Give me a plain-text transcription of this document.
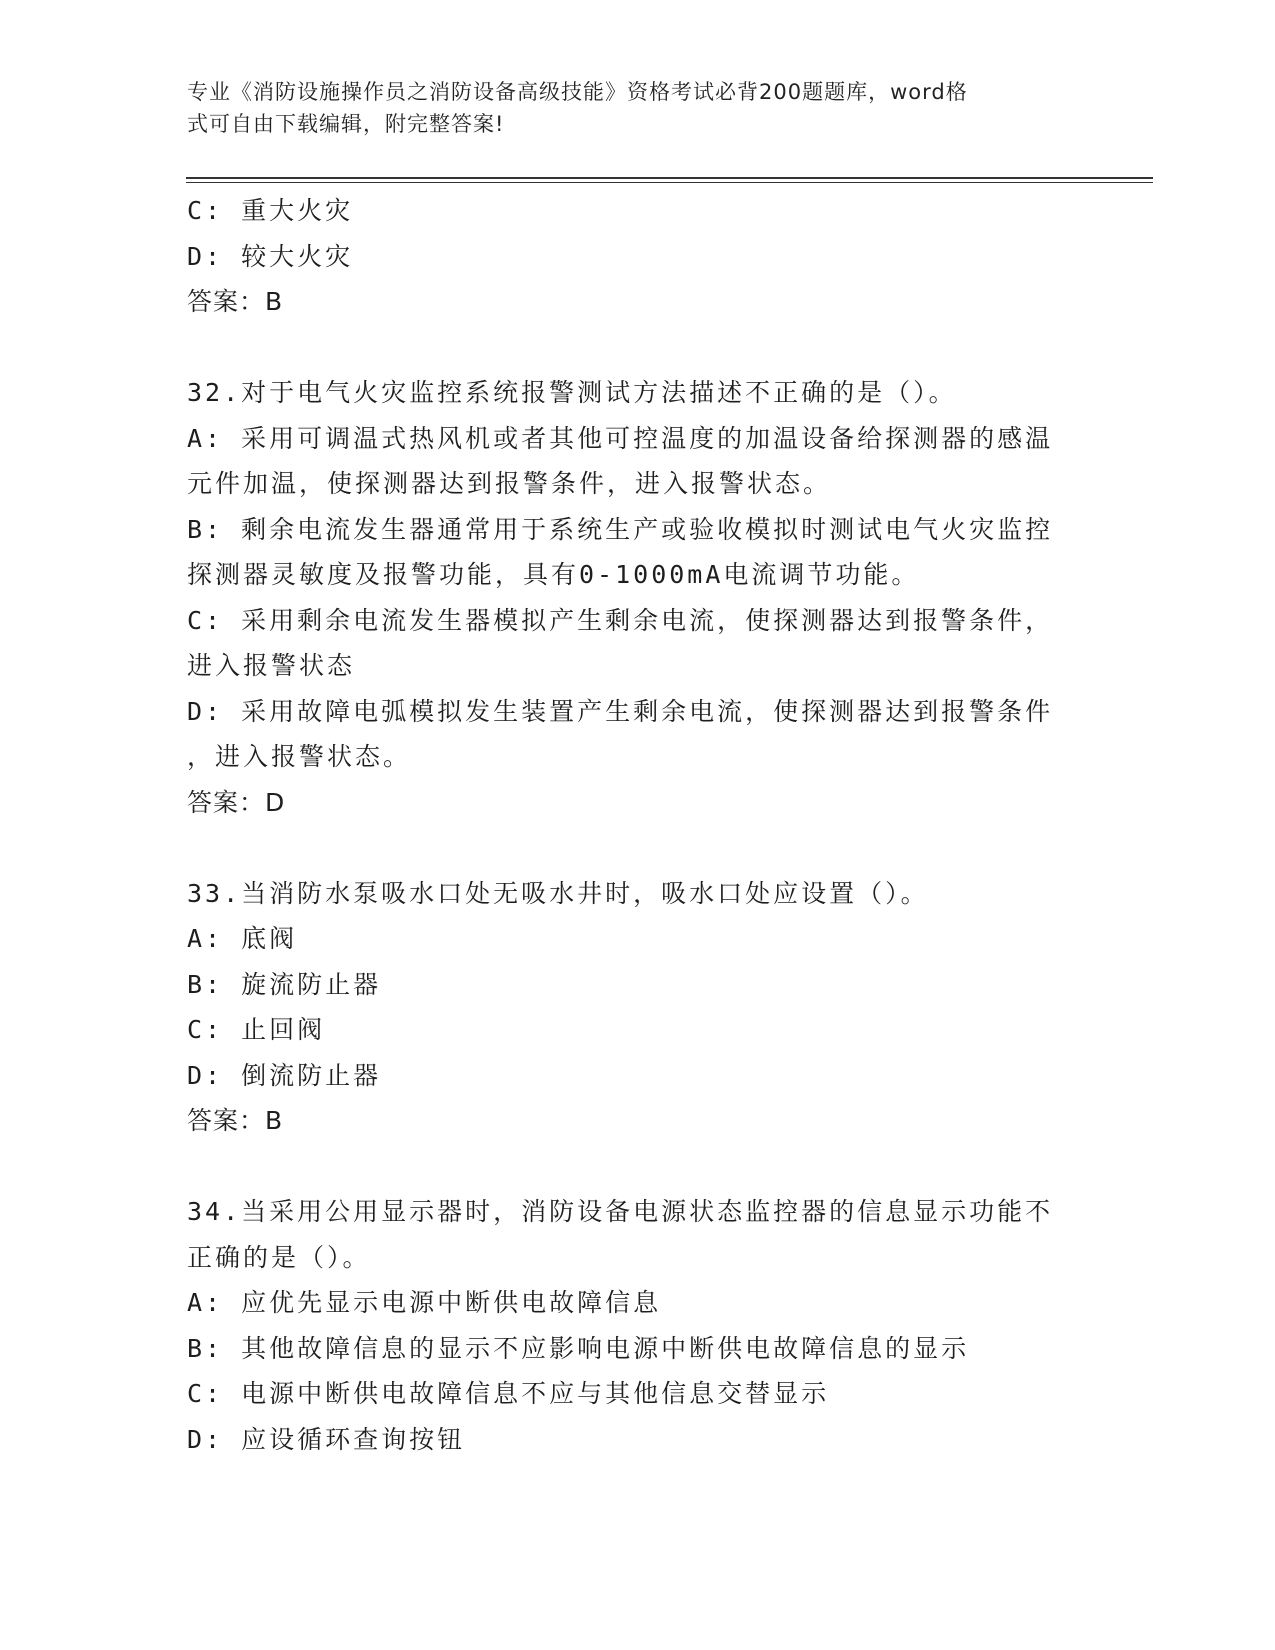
专业《消防设施操作员之消防设备高级技能》资格考试必背200题题库，word格
式可自由下载编辑，附完整答案!
C: 重大火灾
D: 较大火灾
答案：B
32.对于电气火灾监控系统报警测试方法描述不正确的是（）。
A: 采用可调温式热风机或者其他可控温度的加温设备给探测器的感温
元件加温，使探测器达到报警条件，进入报警状态。
B: 剩余电流发生器通常用于系统生产或验收模拟时测试电气火灾监控
探测器灵敏度及报警功能，具有0-1000mA电流调节功能。
C: 采用剩余电流发生器模拟产生剩余电流，使探测器达到报警条件，
进入报警状态
D: 采用故障电弧模拟发生装置产生剩余电流，使探测器达到报警条件
，进入报警状态。
答案：D
33.当消防水泵吸水口处无吸水井时，吸水口处应设置（）。
A: 底阀
B: 旋流防止器
C: 止回阀
D: 倒流防止器
答案：B
34.当采用公用显示器时，消防设备电源状态监控器的信息显示功能不
正确的是（）。
A: 应优先显示电源中断供电故障信息
B: 其他故障信息的显示不应影响电源中断供电故障信息的显示
C: 电源中断供电故障信息不应与其他信息交替显示
D: 应设循环查询按钮
